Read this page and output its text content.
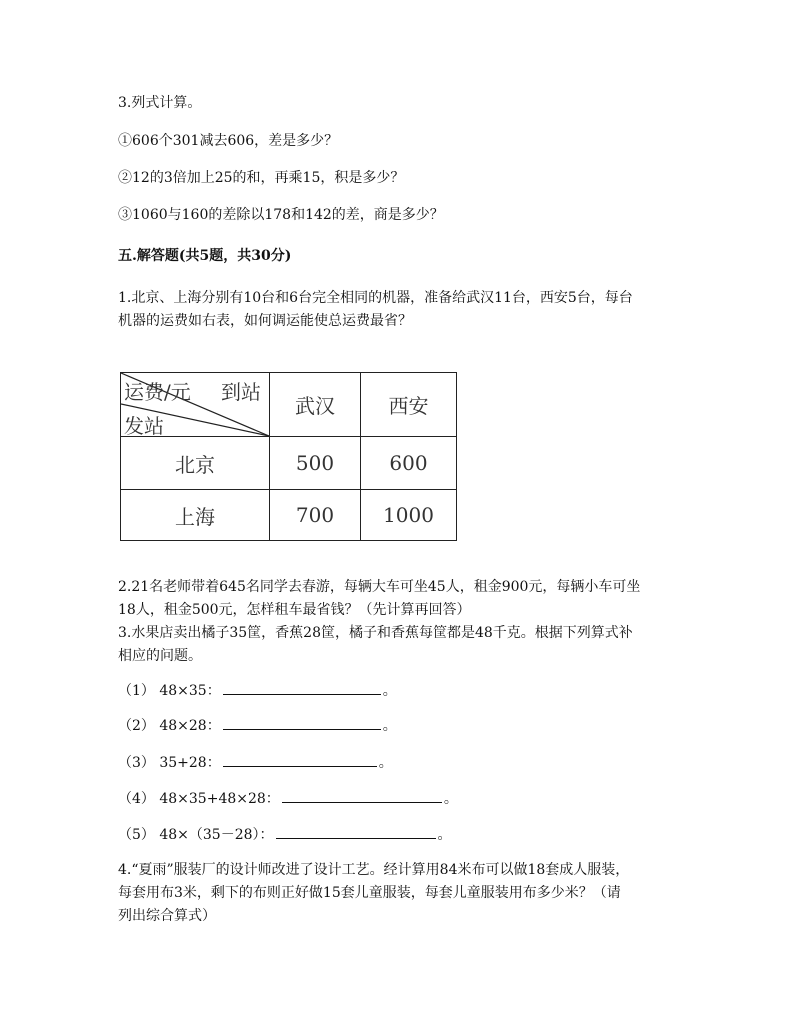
3.列式计算。
①606个301减去606，差是多少？
②12的3倍加上25的和，再乘15，积是多少？
③1060与160的差除以178和142的差，商是多少？
五.解答题(共5题，共30分)
1.北京、上海分别有10台和6台完全相同的机器，准备给武汉11台，西安5台，每台
机器的运费如右表，如何调运能使总运费最省？
运费/元 到站
发站	武汉	西安
北京	500	600
上海	700	1000
2.21名老师带着645名同学去春游，每辆大车可坐45人，租金900元，每辆小车可坐
18人，租金500元，怎样租车最省钱？（先计算再回答）
3.水果店卖出橘子35筐，香蕉28筐，橘子和香蕉每筐都是48千克。根据下列算式补
相应的问题。
（1） 48×35：	。
（2） 48×28：	。
（3） 35+28：	。
（4） 48×35+48×28：	。
（5） 48×（35－28）：	。
4.“夏雨”服装厂的设计师改进了设计工艺。经计算用84米布可以做18套成人服装，
每套用布3米，剩下的布则正好做15套儿童服装，每套儿童服装用布多少米？（请
列出综合算式）
